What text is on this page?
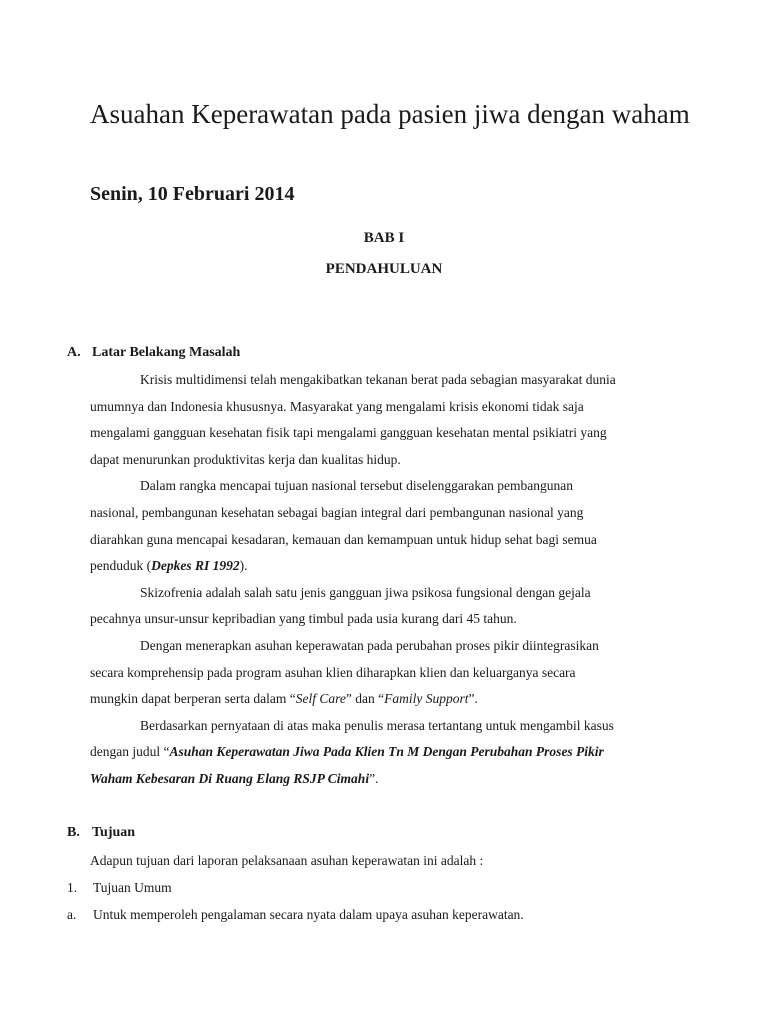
Asuahan Keperawatan pada pasien jiwa dengan waham

Senin, 10 Februari 2014

BAB I

PENDAHULUAN

A. Latar Belakang Masalah

Krisis multidimensi telah mengakibatkan tekanan berat pada sebagian masyarakat dunia
umumnya dan Indonesia khususnya. Masyarakat yang mengalami krisis ekonomi tidak saja
mengalami gangguan kesehatan fisik tapi mengalami gangguan kesehatan mental psikiatri yang
dapat menurunkan produktivitas kerja dan kualitas hidup.
Dalam rangka mencapai tujuan nasional tersebut diselenggarakan pembangunan
nasional, pembangunan kesehatan sebagai bagian integral dari pembangunan nasional yang
diarahkan guna mencapai kesadaran, kemauan dan kemampuan untuk hidup sehat bagi semua
penduduk (Depkes RI 1992).
Skizofrenia adalah salah satu jenis gangguan jiwa psikosa fungsional dengan gejala
pecahnya unsur-unsur kepribadian yang timbul pada usia kurang dari 45 tahun.
Dengan menerapkan asuhan keperawatan pada perubahan proses pikir diintegrasikan
secara komprehensip pada program asuhan klien diharapkan klien dan keluarganya secara
mungkin dapat berperan serta dalam “Self Care” dan “Family Support”.
Berdasarkan pernyataan di atas maka penulis merasa tertantang untuk mengambil kasus
dengan judul “Asuhan Keperawatan Jiwa Pada Klien Tn M Dengan Perubahan Proses Pikir
Waham Kebesaran Di Ruang Elang RSJP Cimahi”.

B. Tujuan

Adapun tujuan dari laporan pelaksanaan asuhan keperawatan ini adalah :
1. Tujuan Umum
a. Untuk memperoleh pengalaman secara nyata dalam upaya asuhan keperawatan.
